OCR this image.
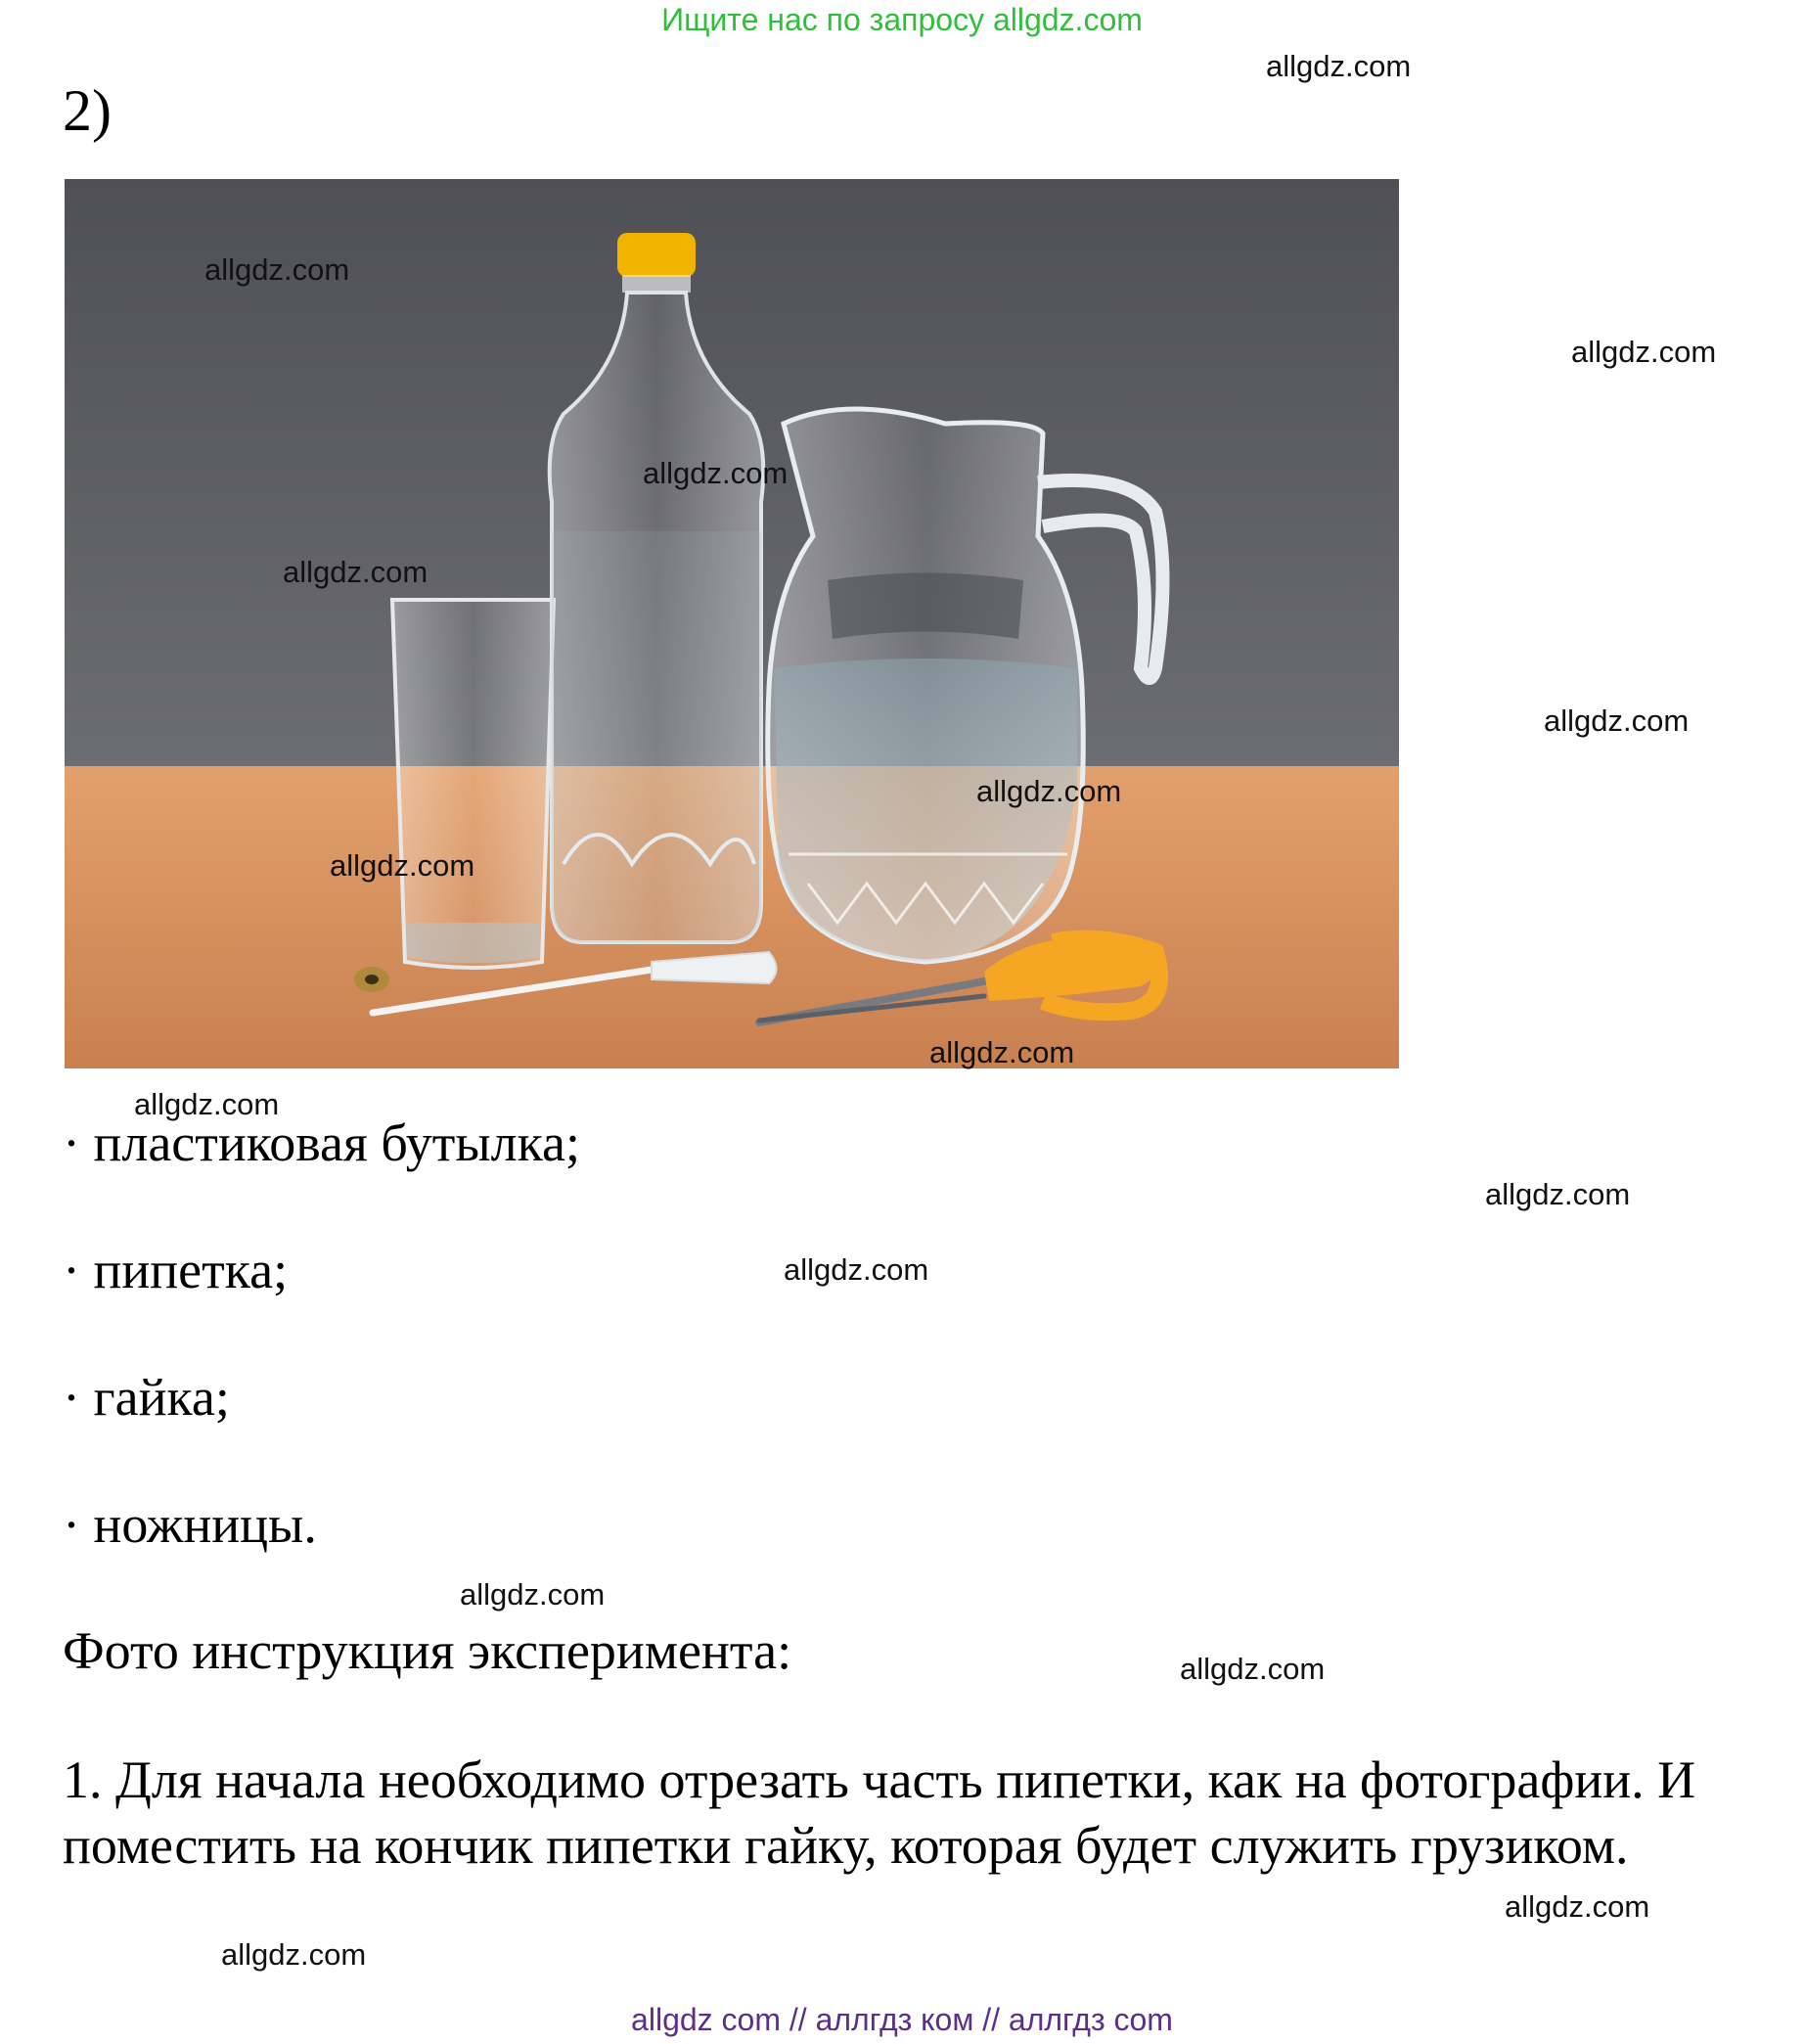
Ищите нас по запросу allgdz.com
2)
· пластиковая бутылка;
· пипетка;
· гайка;
· ножницы.
Фото инструкция эксперимента:
1. Для начала необходимо отрезать часть пипетки, как на фотографии. И поместить на кончик пипетки гайку, которая будет служить грузиком.
allgdz.com
allgdz.com
allgdz.com
allgdz.com
allgdz.com
allgdz.com
allgdz.com
allgdz.com
allgdz.com
allgdz.com
allgdz.com
allgdz.com
allgdz.com
allgdz.com
allgdz.com
allgdz.com
allgdz com // аллгдз ком // аллгдз com
